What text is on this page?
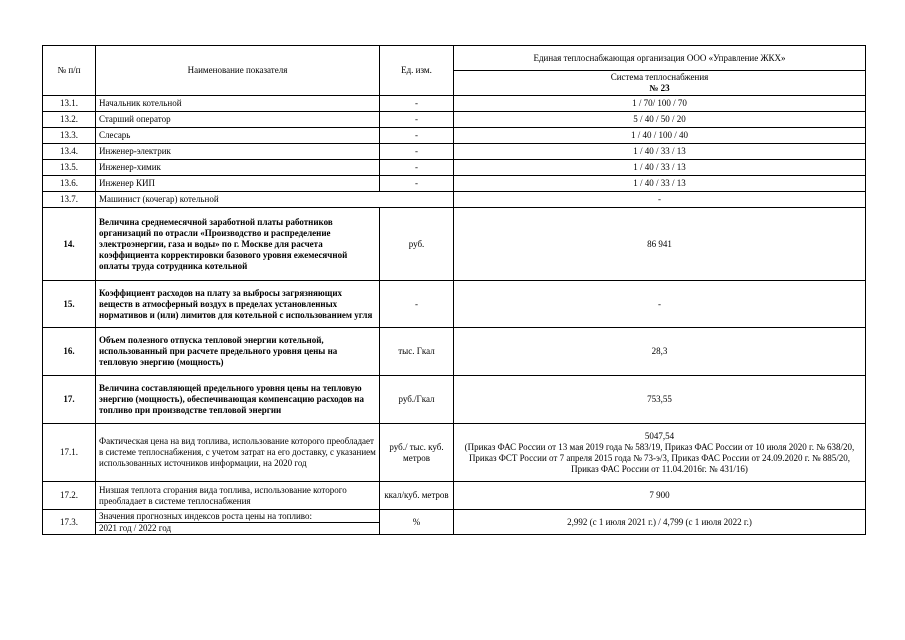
№ п/п	Наименование показателя	Ед. изм.	Единая теплоснабжающая организация ООО «Управление ЖКХ»

			Система теплоснабжения
№ 23

13.1.	Начальник котельной	-	1 / 70/ 100 / 70
13.2.	Старший оператор	-	5 / 40 / 50 / 20
13.3.	Слесарь	-	1 / 40 / 100 / 40
13.4.	Инженер-электрик	-	1 / 40 / 33 / 13
13.5.	Инженер-химик	-	1 / 40 / 33 / 13
13.6.	Инженер КИП	-	1 / 40 / 33 / 13
13.7.	Машинист (кочегар) котельной		-
14.	Величина среднемесячной заработной платы работников организаций по отрасли «Производство и распределение электроэнергии, газа и воды» по г. Москве для расчета коэффициента корректировки базового уровня ежемесячной оплаты труда сотрудника котельной	руб.	86 941
15.	Коэффициент расходов на плату за выбросы загрязняющих веществ в атмосферный воздух в пределах установленных нормативов и (или) лимитов для котельной с использованием угля	-	-
16.	Объем полезного отпуска тепловой энергии котельной, использованный при расчете предельного уровня цены на тепловую энергию (мощность)	тыс. Гкал	28,3
17.	Величина составляющей предельного уровня цены на тепловую энергию (мощность), обеспечивающая компенсацию расходов на топливо при производстве тепловой энергии	руб./Гкал	753,55
17.1.	Фактическая цена на вид топлива, использование которого преобладает в системе теплоснабжения, с учетом затрат на его доставку, с указанием использованных источников информации, на 2020 год	руб./ тыс. куб. метров	5047,54
(Приказ ФАС России от 13 мая 2019 года № 583/19, Приказ ФАС России от 10 июля 2020 г. № 638/20, Приказ ФСТ России от 7 апреля 2015 года № 73-э/3, Приказ ФАС России от 24.09.2020 г. № 885/20, Приказ ФАС России от 11.04.2016г. № 431/16)

17.2.	Низшая теплота сгорания вида топлива, использование которого преобладает в системе теплоснабжения	ккал/куб. метров	7 900
17.3.	Значения прогнозных индексов роста цены на топливо:
2021 год / 2022 год	%	2,992 (с 1 июля 2021 г.) / 4,799 (с 1 июля 2022 г.)
